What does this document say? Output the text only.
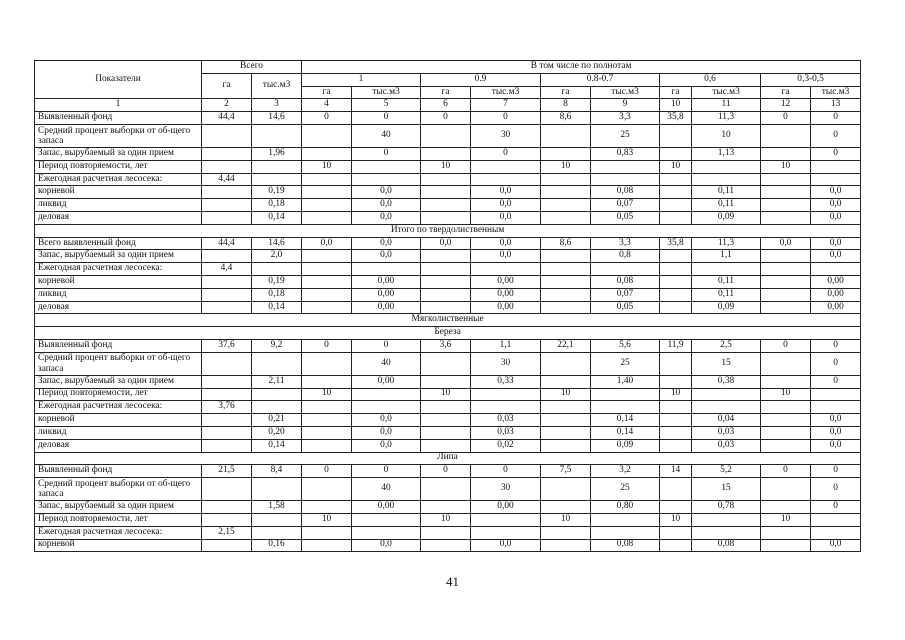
Показатели	Всего		В том числе по полнотам									
	га	тыс.м3	1		0.9		0.8-0.7		0,6		0,3-0,5	
			га	тыс.м3	га	тыс.м3	га	тыс.м3	га	тыс.м3	га	тыс.м3
1	2	3	4	5	6	7	8	9	10	11	12	13
Выявленный фонд	44,4	14,6	0	0	0	0	8,6	3,3	35,8	11,3	0	0
Средний процент выборки от об-щего запаса				40		30		25		10		0
Запас, вырубаемый за один прием		1,96		0		0		0,83		1,13		0
Период повторяемости, лет			10		10		10		10		10	
Ежегодная расчетная лесосека:	4,44											
корневой		0,19		0,0		0,0		0,08		0,11		0,0
ликвид		0,18		0,0		0,0		0,07		0,11		0,0
деловая		0,14		0,0		0,0		0,05		0,09		0,0
Итого по твердолиственным												
Всего выявленный фонд	44,4	14,6	0,0	0,0	0,0	0,0	8,6	3,3	35,8	11,3	0,0	0,0
Запас, вырубаемый за один прием		2,0		0,0		0,0		0,8		1,1		0,0
Ежегодная расчетная лесосека:	4,4											
корневой		0,19		0,00		0,00		0,08		0,11		0,00
ликвид		0,18		0,00		0,00		0,07		0,11		0,00
деловая		0,14		0,00		0,00		0,05		0,09		0,00
Мягколиственные												
Береза												
Выявленный фонд	37,6	9,2	0	0	3,6	1,1	22,1	5,6	11,9	2,5	0	0
Средний процент выборки от об-щего запаса				40		30		25		15		0
Запас, вырубаемый за один прием		2,11		0,00		0,33		1,40		0,38		0
Период повторяемости, лет			10		10		10		10		10	
Ежегодная расчетная лесосека:	3,76											
корневой		0,21		0,0		0,03		0,14		0,04		0,0
ликвид		0,20		0,0		0,03		0,14		0,03		0,0
деловая		0,14		0,0		0,02		0,09		0,03		0,0
Липа												
Выявленный фонд	21,5	8,4	0	0	0	0	7,5	3,2	14	5,2	0	0
Средний процент выборки от об-щего запаса				40		30		25		15		0
Запас, вырубаемый за один прием		1,58		0,00		0,00		0,80		0,78		0
Период повторяемости, лет			10		10		10		10		10	
Ежегодная расчетная лесосека:	2,15											
корневой		0,16		0,0		0,0		0,08		0,08		0,0
41
